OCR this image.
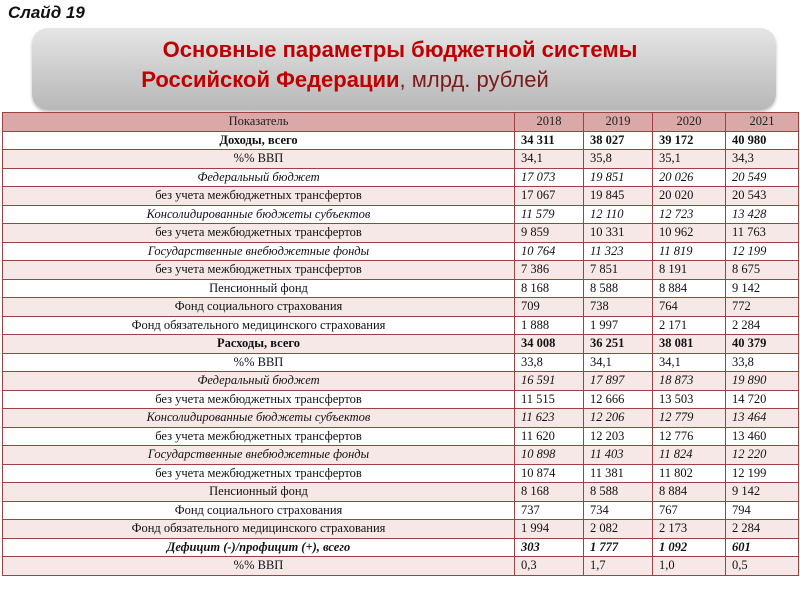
Слайд 19
Основные параметры бюджетной системы
Российской Федерации, млрд. рублей
Показатель	2018	2019	2020	2021
Доходы, всего	34 311	38 027	39 172	40 980
%% ВВП	34,1	35,8	35,1	34,3
Федеральный бюджет	17 073	19 851	20 026	20 549
без учета межбюджетных трансфертов	17 067	19 845	20 020	20 543
Консолидированные бюджеты субъектов	11 579	12 110	12 723	13 428
без учета межбюджетных трансфертов	9 859	10 331	10 962	11 763
Государственные внебюджетные фонды	10 764	11 323	11 819	12 199
без учета межбюджетных трансфертов	7 386	7 851	8 191	8 675
Пенсионный фонд	8 168	8 588	8 884	9 142
Фонд социального страхования	709	738	764	772
Фонд обязательного медицинского страхования	1 888	1 997	2 171	2 284
Расходы, всего	34 008	36 251	38 081	40 379
%% ВВП	33,8	34,1	34,1	33,8
Федеральный бюджет	16 591	17 897	18 873	19 890
без учета межбюджетных трансфертов	11 515	12 666	13 503	14 720
Консолидированные бюджеты субъектов	11 623	12 206	12 779	13 464
без учета межбюджетных трансфертов	11 620	12 203	12 776	13 460
Государственные внебюджетные фонды	10 898	11 403	11 824	12 220
без учета межбюджетных трансфертов	10 874	11 381	11 802	12 199
Пенсионный фонд	8 168	8 588	8 884	9 142
Фонд социального страхования	737	734	767	794
Фонд обязательного медицинского страхования	1 994	2 082	2 173	2 284
Дефицит (-)/профицит (+), всего	303	1 777	1 092	601
%% ВВП	0,3	1,7	1,0	0,5
